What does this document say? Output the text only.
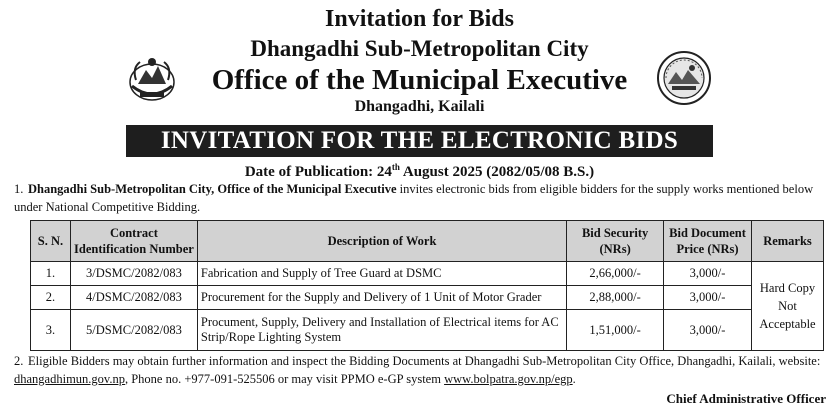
Invitation for Bids
Dhangadhi Sub-Metropolitan City
Office of the Municipal Executive
Dhangadhi, Kailali
INVITATION FOR THE ELECTRONIC BIDS
Date of Publication: 24th August 2025 (2082/05/08 B.S.)
1. Dhangadhi Sub-Metropolitan City, Office of the Municipal Executive invites electronic bids from eligible bidders for the supply works mentioned below under National Competitive Bidding.
S. N.	Contract Identification Number	Description of Work	Bid Security (NRs)	Bid Document Price (NRs)	Remarks
1.	3/DSMC/2082/083	Fabrication and Supply of Tree Guard at DSMC	2,66,000/-	3,000/-	Hard Copy Not Acceptable
2.	4/DSMC/2082/083	Procurement for the Supply and Delivery of 1 Unit of Motor Grader	2,88,000/-	3,000/-	
3.	5/DSMC/2082/083	Procument, Supply, Delivery and Installation of Electrical items for AC Strip/Rope Lighting System	1,51,000/-	3,000/-	
2. Eligible Bidders may obtain further information and inspect the Bidding Documents at Dhangadhi Sub-Metropolitan City Office, Dhangadhi, Kailali, website: dhangadhimun.gov.np, Phone no. +977-091-525506 or may visit PPMO e-GP system www.bolpatra.gov.np/egp.
Chief Administrative Officer
